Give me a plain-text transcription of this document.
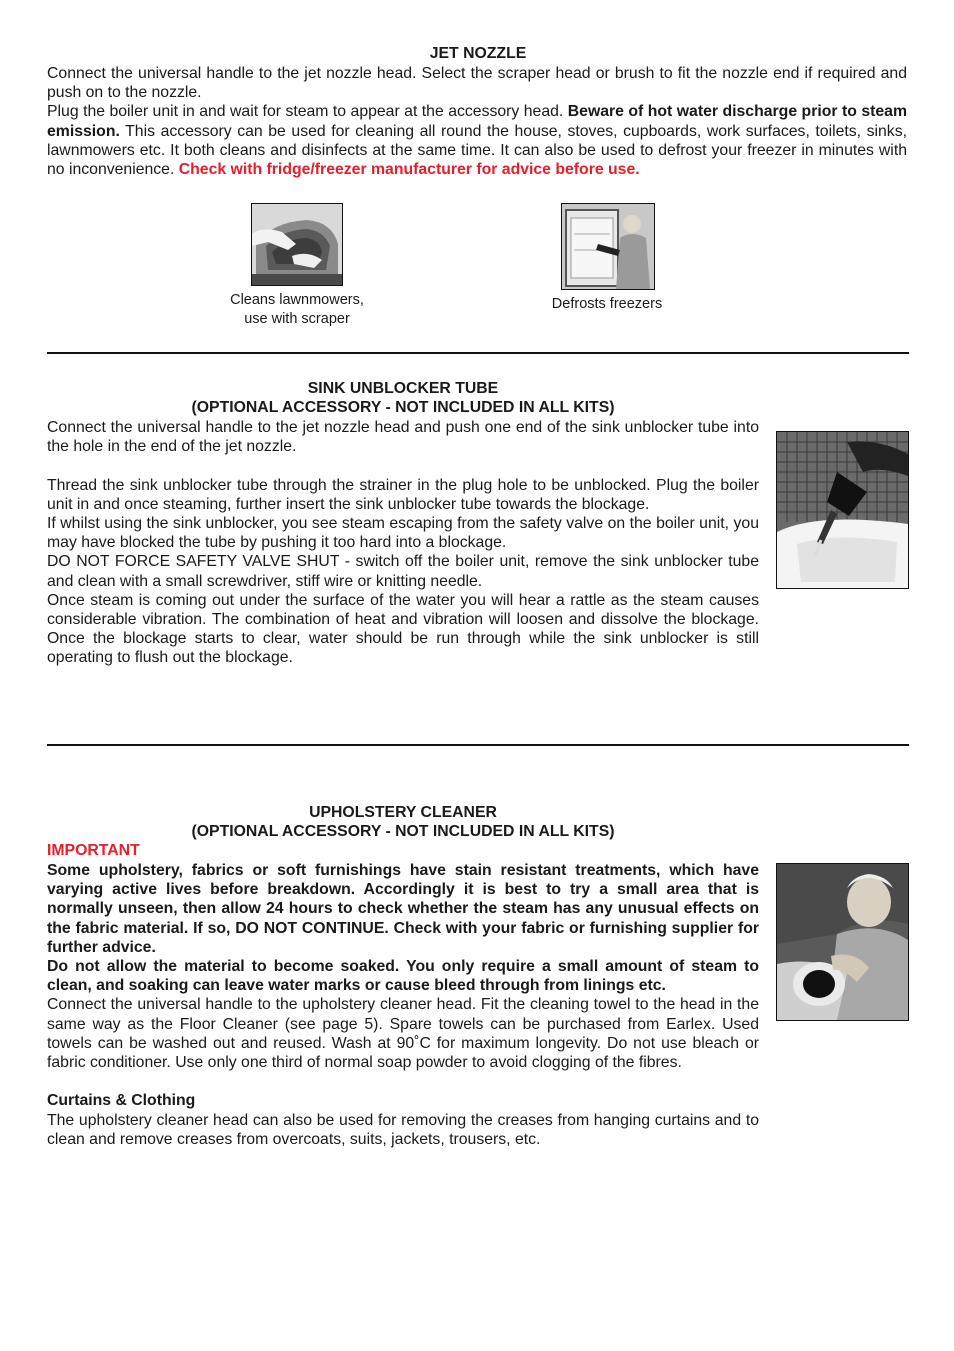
JET NOZZLE

Connect the universal handle to the jet nozzle head. Select the scraper head or brush to fit the nozzle end if required and push on to the nozzle.

Plug the boiler unit in and wait for steam to appear at the accessory head. Beware of hot water discharge prior to steam emission. This accessory can be used for cleaning all round the house, stoves, cupboards, work surfaces, toilets, sinks, lawnmowers etc. It both cleans and disinfects at the same time. It can also be used to defrost your freezer in minutes with no inconvenience. Check with fridge/freezer manufacturer for advice before use.

Cleans lawnmowers,
use with scraper
Defrosts freezers
SINK UNBLOCKER TUBE
(OPTIONAL ACCESSORY - NOT INCLUDED IN ALL KITS)

Connect the universal handle to the jet nozzle head and push one end of the sink unblocker tube into the hole in the end of the jet nozzle.

Thread the sink unblocker tube through the strainer in the plug hole to be unblocked. Plug the boiler unit in and once steaming, further insert the sink unblocker tube towards the blockage.

If whilst using the sink unblocker, you see steam escaping from the safety valve on the boiler unit, you may have blocked the tube by pushing it too hard into a blockage.

DO NOT FORCE SAFETY VALVE SHUT - switch off the boiler unit, remove the sink unblocker tube and clean with a small screwdriver, stiff wire or knitting needle.

Once steam is coming out under the surface of the water you will hear a rattle as the steam causes considerable vibration. The combination of heat and vibration will loosen and dissolve the blockage. Once the blockage starts to clear, water should be run through while the sink unblocker is still operating to flush out the blockage.

UPHOLSTERY CLEANER
(OPTIONAL ACCESSORY - NOT INCLUDED IN ALL KITS)
IMPORTANT

Some upholstery, fabrics or soft furnishings have stain resistant treatments, which have varying active lives before breakdown. Accordingly it is best to try a small area that is normally unseen, then allow 24 hours to check whether the steam has any unusual effects on the fabric material. If so, DO NOT CONTINUE. Check with your fabric or furnishing supplier for further advice.

Do not allow the material to become soaked. You only require a small amount of steam to clean, and soaking can leave water marks or cause bleed through from linings etc.

Connect the universal handle to the upholstery cleaner head. Fit the cleaning towel to the head in the same way as the Floor Cleaner (see page 5). Spare towels can be purchased from Earlex. Used towels can be washed out and reused. Wash at 90˚C for maximum longevity. Do not use bleach or fabric conditioner. Use only one third of normal soap powder to avoid clogging of the fibres.

Curtains & Clothing

The upholstery cleaner head can also be used for removing the creases from hanging curtains and to clean and remove creases from overcoats, suits, jackets, trousers, etc.
